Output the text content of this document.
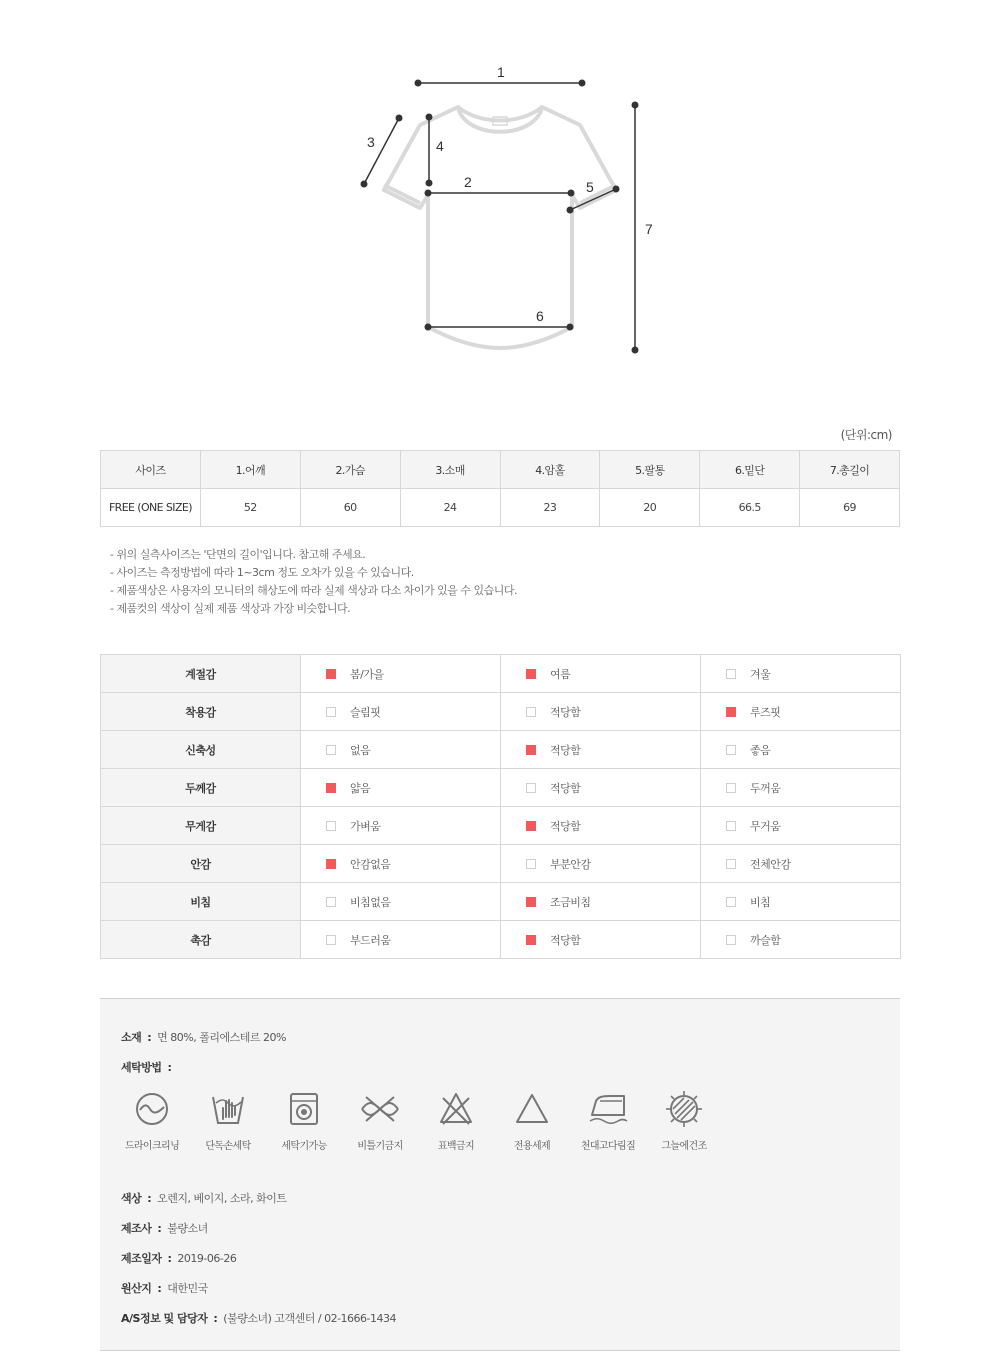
1
2
3	4
5
6
7
(단위:cm)
사이즈	1.어깨	2.가슴	3.소매	4.암홀	5.팔통	6.밑단	7.총길이
FREE (ONE SIZE)	52	60	24	23	20	66.5	69
- 위의 실측사이즈는 '단면의 길이'입니다. 참고해 주세요.
- 사이즈는 측정방법에 따라 1~3cm 정도 오차가 있을 수 있습니다.
- 제품색상은 사용자의 모니터의 해상도에 따라 실제 색상과 다소 차이가 있을 수 있습니다.
- 제품컷의 색상이 실제 제품 색상과 가장 비슷합니다.
계절감	봄/가을	여름	겨울
착용감	슬림핏	적당함	루즈핏
신축성	없음	적당함	좋음
두께감	얇음	적당함	두꺼움
무게감	가벼움	적당함	무거움
안감	안감없음	부분안감	전체안감
비침	비침없음	조금비침	비침
촉감	부드러움	적당함	까슬함
소재 : 면 80%, 폴리에스테르 20%
세탁방법 :
드라이크리닝	단독손세탁	세탁기가능	비틀기금지	표백금지	전용세제	천대고다림질	그늘에건조
색상 : 오렌지, 베이지, 소라, 화이트
제조사 : 불량소녀
제조일자 : 2019-06-26
원산지 : 대한민국
A/S정보 및 담당자 : (불량소녀) 고객센터 / 02-1666-1434
